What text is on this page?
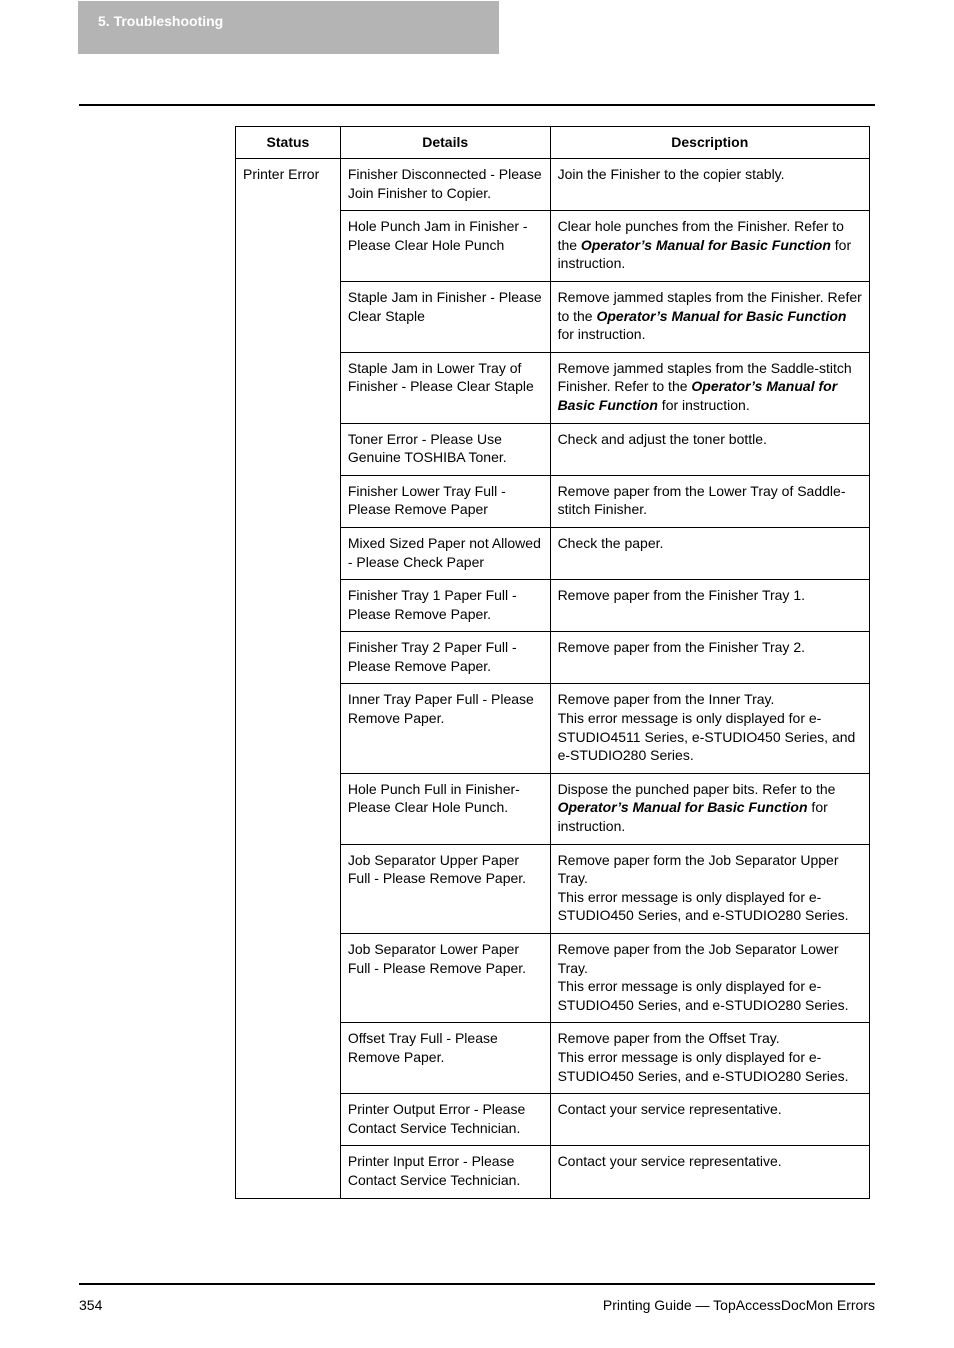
5. Troubleshooting
Status	Details	Description
Printer Error	Finisher Disconnected - Please Join Finisher to Copier.	Join the Finisher to the copier stably.
	Hole Punch Jam in Finisher - Please Clear Hole Punch	Clear hole punches from the Finisher. Refer to the Operator’s Manual for Basic Function for instruction.
	Staple Jam in Finisher - Please Clear Staple	Remove jammed staples from the Finisher. Refer to the Operator’s Manual for Basic Function for instruction.
	Staple Jam in Lower Tray of Finisher - Please Clear Staple	Remove jammed staples from the Saddle-stitch Finisher. Refer to the Operator’s Manual for Basic Function for instruction.
	Toner Error - Please Use Genuine TOSHIBA Toner.	Check and adjust the toner bottle.
	Finisher Lower Tray Full - Please Remove Paper	Remove paper from the Lower Tray of Saddle-stitch Finisher.
	Mixed Sized Paper not Allowed - Please Check Paper	Check the paper.
	Finisher Tray 1 Paper Full - Please Remove Paper.	Remove paper from the Finisher Tray 1.
	Finisher Tray 2 Paper Full - Please Remove Paper.	Remove paper from the Finisher Tray 2.
	Inner Tray Paper Full - Please Remove Paper.	Remove paper from the Inner Tray.
This error message is only displayed for e-STUDIO4511 Series, e-STUDIO450 Series, and e-STUDIO280 Series.
	Hole Punch Full in Finisher-Please Clear Hole Punch.	Dispose the punched paper bits. Refer to the Operator’s Manual for Basic Function for instruction.
	Job Separator Upper Paper Full - Please Remove Paper.	Remove paper form the Job Separator Upper Tray.
This error message is only displayed for e-STUDIO450 Series, and e-STUDIO280 Series.
	Job Separator Lower Paper Full - Please Remove Paper.	Remove paper from the Job Separator Lower Tray.
This error message is only displayed for e-STUDIO450 Series, and e-STUDIO280 Series.
	Offset Tray Full - Please Remove Paper.	Remove paper from the Offset Tray.
This error message is only displayed for e-STUDIO450 Series, and e-STUDIO280 Series.
	Printer Output Error - Please Contact Service Technician.	Contact your service representative.
	Printer Input Error - Please Contact Service Technician.	Contact your service representative.
354	Printing Guide — TopAccessDocMon Errors
